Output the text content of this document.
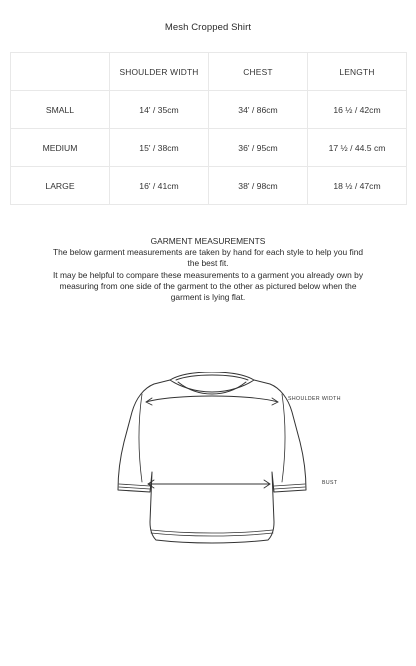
Mesh Cropped Shirt
	SHOULDER WIDTH	CHEST	LENGTH
SMALL	14' / 35cm	34' / 86cm	16 ½ / 42cm
MEDIUM	15' / 38cm	36' / 95cm	17 ½ / 44.5 cm
LARGE	16' / 41cm	38' / 98cm	18 ½ / 47cm
GARMENT MEASUREMENTS

The below garment measurements are taken by hand for each style to help you find the best fit.

It may be helpful to compare these measurements to a garment you already own by measuring from one side of the garment to the other as pictured below when the garment is lying flat.

SHOULDER WIDTH
BUST
